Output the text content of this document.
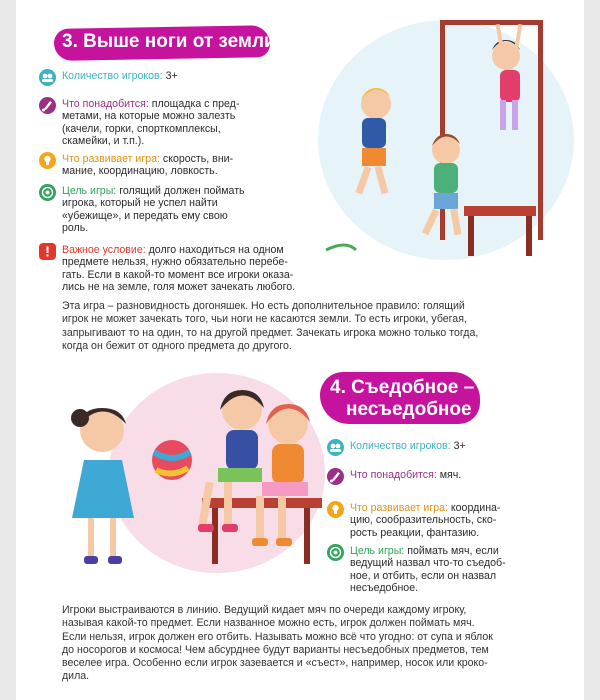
3. Выше ноги от земли
Количество игроков: 3+
Что понадобится: площадка с пред-
метами, на которые можно залезть
(качели, горки, спорткомплексы,
скамейки, и т.п.).
Что развивает игра: скорость, вни-
мание, координацию, ловкость.
Цель игры: голящий должен поймать
игрока, который не успел найти
«убежище», и передать ему свою
роль.
Важное условие: долго находиться на одном
предмете нельзя, нужно обязательно перебе-
гать. Если в какой-то момент все игроки оказа-
лись не на земле, голя может зачекать любого.
Эта игра – разновидность догоняшек. Но есть дополнительное правило: голящий
игрок не может зачекать того, чьи ноги не касаются земли. То есть игроки, убегая,
запрыгивают то на один, то на другой предмет. Зачекать игрока можно только тогда,
когда он бежит от одного предмета до другого.
4. Съедобное –
несъедобное
Количество игроков: 3+
Что понадобится: мяч.
Что развивает игра: координа-
цию, сообразительность, ско-
рость реакции, фантазию.
Цель игры: поймать мяч, если
ведущий назвал что-то съедоб-
ное, и отбить, если он назвал
несъедобное.
Игроки выстраиваются в линию. Ведущий кидает мяч по очереди каждому игроку,
называя какой-то предмет. Если названное можно есть, игрок должен поймать мяч.
Если нельзя, игрок должен его отбить. Называть можно всё что угодно: от супа и яблок
до носорогов и космоса! Чем абсурднее будут варианты несъедобных предметов, тем
веселее игра. Особенно если игрок зазевается и «съест», например, носок или кроко-
дила.
